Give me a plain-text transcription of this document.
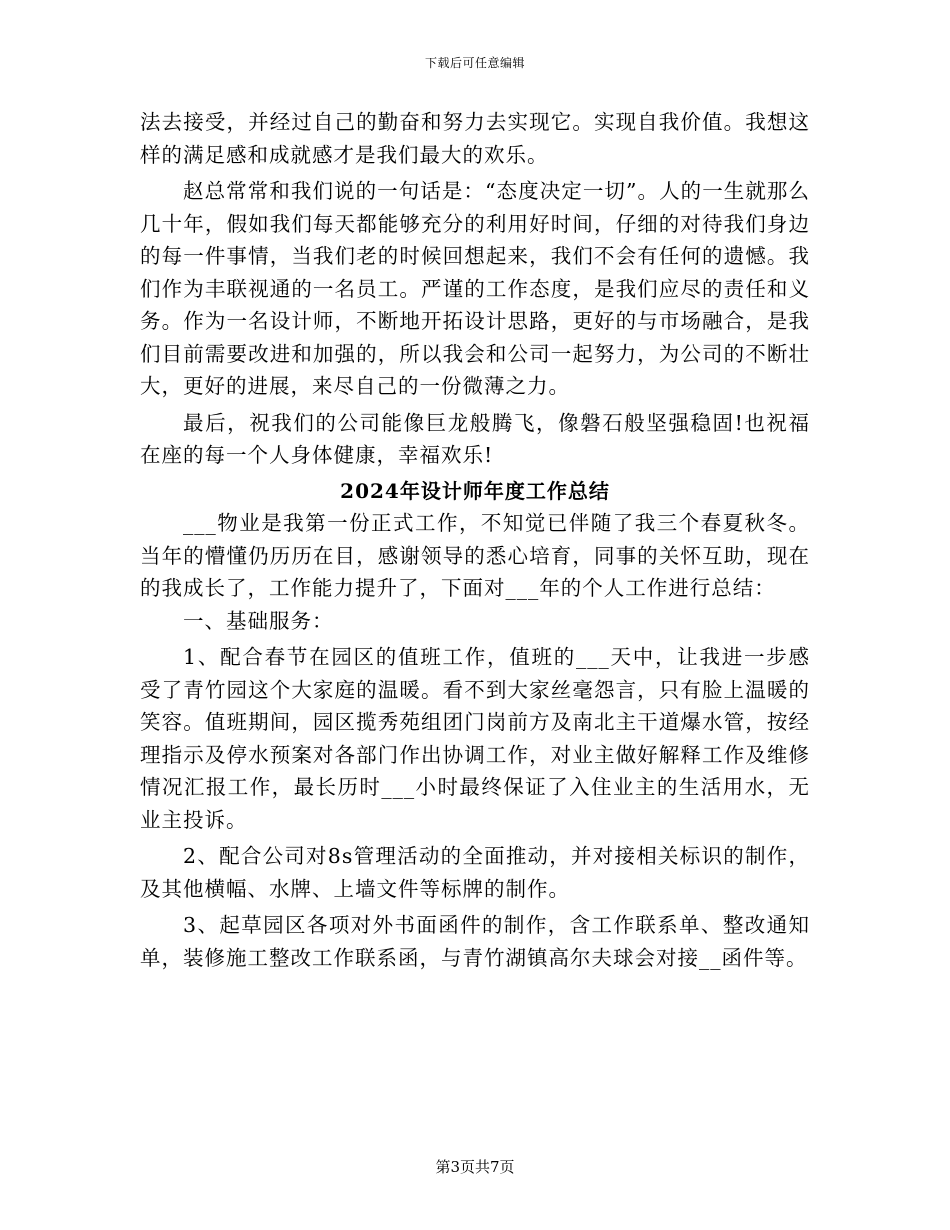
下载后可任意编辑

法去接受，并经过自己的勤奋和努力去实现它。实现自我价值。我想这样的满足感和成就感才是我们最大的欢乐。

赵总常常和我们说的一句话是：“态度决定一切”。人的一生就那么几十年，假如我们每天都能够充分的利用好时间，仔细的对待我们身边的每一件事情，当我们老的时候回想起来，我们不会有任何的遗憾。我们作为丰联视通的一名员工。严谨的工作态度，是我们应尽的责任和义务。作为一名设计师，不断地开拓设计思路，更好的与市场融合，是我们目前需要改进和加强的，所以我会和公司一起努力，为公司的不断壮大，更好的进展，来尽自己的一份微薄之力。

最后，祝我们的公司能像巨龙般腾飞，像磐石般坚强稳固!也祝福在座的每一个人身体健康，幸福欢乐!

2024年设计师年度工作总结

___物业是我第一份正式工作，不知觉已伴随了我三个春夏秋冬。当年的懵懂仍历历在目，感谢领导的悉心培育，同事的关怀互助，现在的我成长了，工作能力提升了，下面对___年的个人工作进行总结：

一、基础服务：

1、配合春节在园区的值班工作，值班的___天中，让我进一步感受了青竹园这个大家庭的温暖。看不到大家丝毫怨言，只有脸上温暖的笑容。值班期间，园区揽秀苑组团门岗前方及南北主干道爆水管，按经理指示及停水预案对各部门作出协调工作，对业主做好解释工作及维修情况汇报工作，最长历时___小时最终保证了入住业主的生活用水，无业主投诉。

2、配合公司对8s管理活动的全面推动，并对接相关标识的制作，及其他横幅、水牌、上墙文件等标牌的制作。

3、起草园区各项对外书面函件的制作，含工作联系单、整改通知单，装修施工整改工作联系函，与青竹湖镇高尔夫球会对接__函件等。

第3页共7页
